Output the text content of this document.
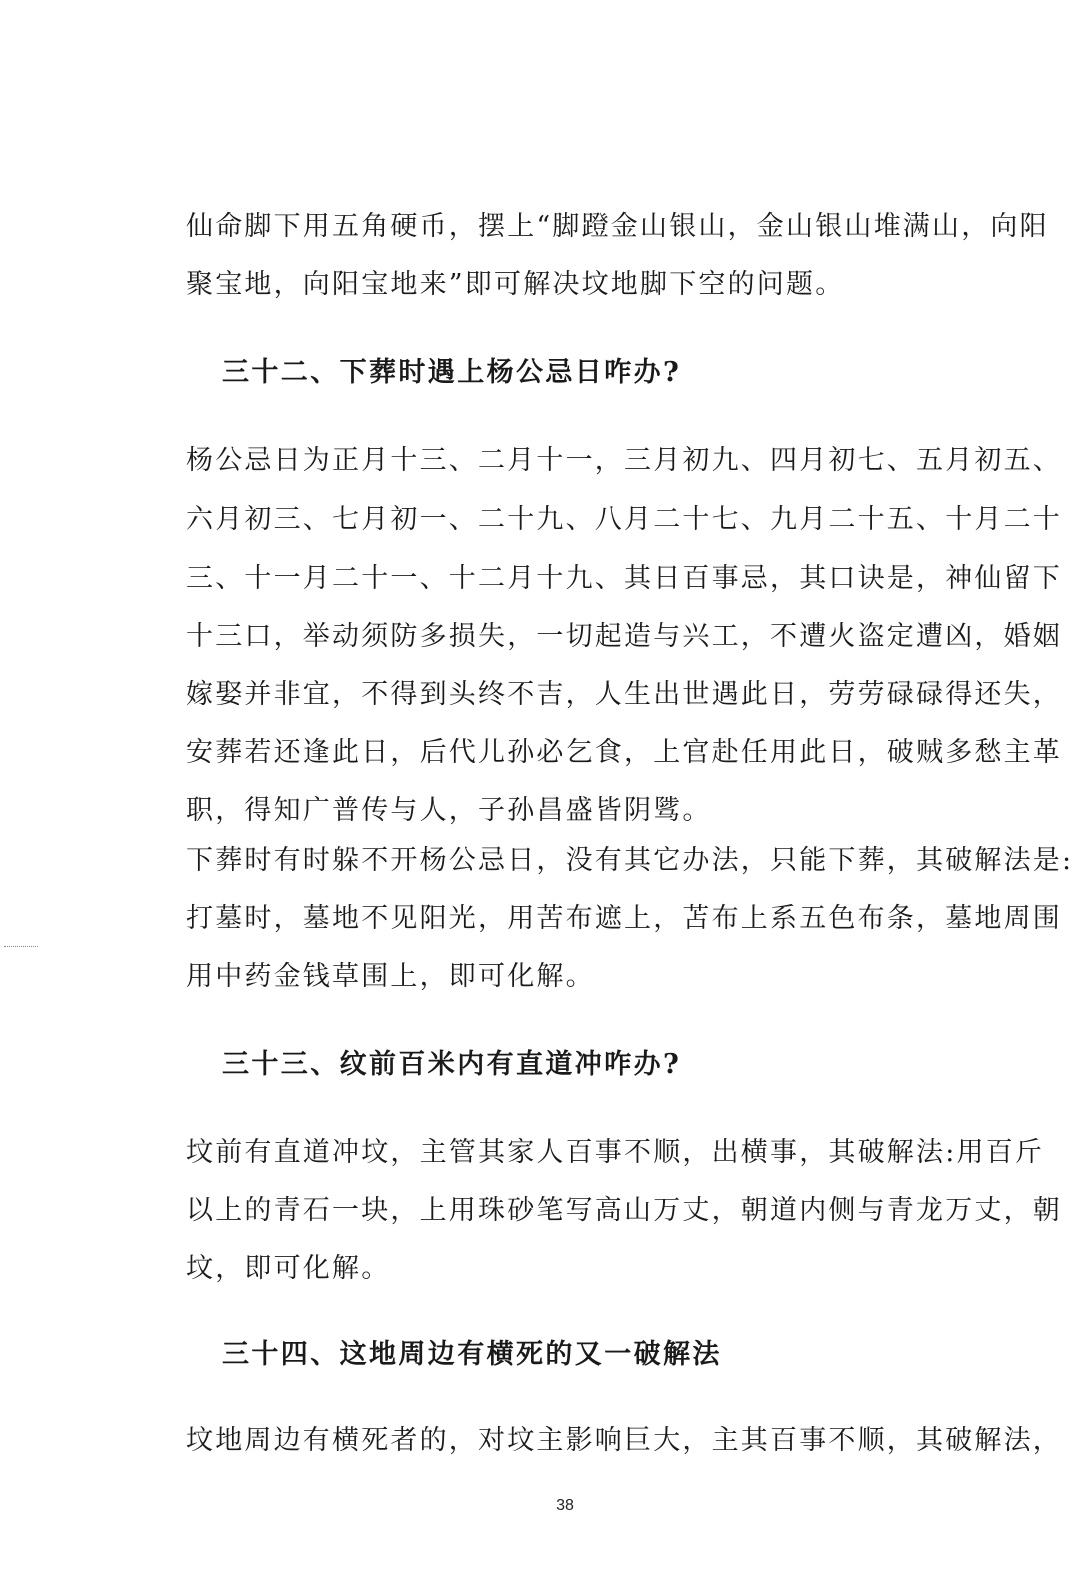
仙命脚下用五角硬币，摆上“脚蹬金山银山，金山银山堆满山，向阳
聚宝地，向阳宝地来”即可解决坟地脚下空的问题。
三十二、下葬时遇上杨公忌日咋办?
杨公忌日为正月十三、二月十一，三月初九、四月初七、五月初五、
六月初三、七月初一、二十九、八月二十七、九月二十五、十月二十
三、十一月二十一、十二月十九、其日百事忌，其口诀是，神仙留下
十三口，举动须防多损失，一切起造与兴工，不遭火盗定遭凶，婚姻
嫁娶并非宜，不得到头终不吉，人生出世遇此日，劳劳碌碌得还失，
安葬若还逢此日，后代儿孙必乞食，上官赴任用此日，破贼多愁主革
职，得知广普传与人，子孙昌盛皆阴骘。
下葬时有时躲不开杨公忌日，没有其它办法，只能下葬，其破解法是:
打墓时，墓地不见阳光，用苦布遮上，苫布上系五色布条，墓地周围
用中药金钱草围上，即可化解。
三十三、纹前百米内有直道冲咋办?
坟前有直道冲坟，主管其家人百事不顺，出横事，其破解法:用百斤
以上的青石一块，上用珠砂笔写高山万丈，朝道内侧与青龙万丈，朝
坟，即可化解。
三十四、这地周边有横死的又一破解法
坟地周边有横死者的，对坟主影响巨大，主其百事不顺，其破解法，
38
